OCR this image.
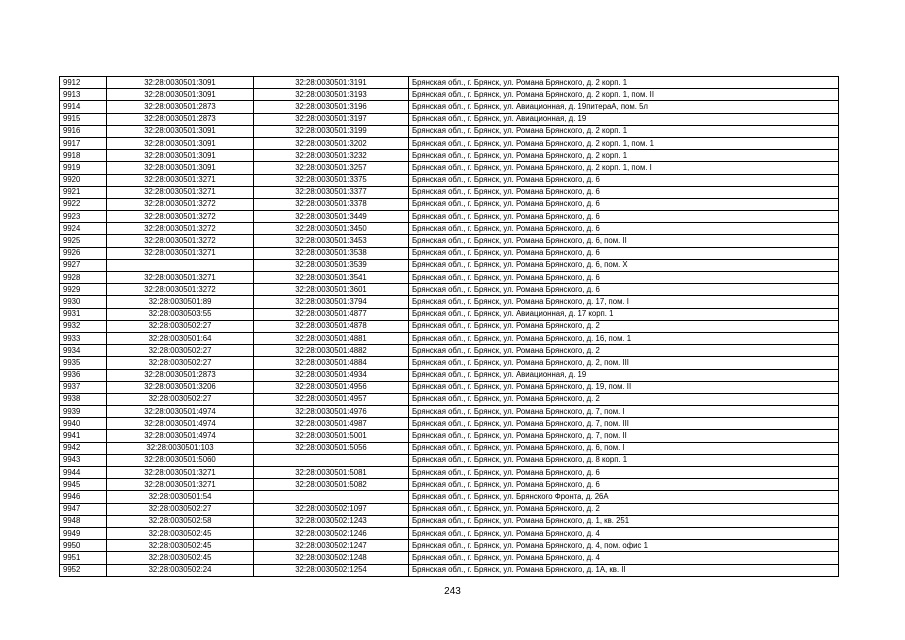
9912	32:28:0030501:3091	32:28:0030501:3191	Брянская обл., г. Брянск, ул. Романа Брянского, д. 2 корп. 1
9913	32:28:0030501:3091	32:28:0030501:3193	Брянская обл., г. Брянск, ул. Романа Брянского, д. 2 корп. 1, пом. II
9914	32:28:0030501:2873	32:28:0030501:3196	Брянская обл., г. Брянск, ул. Авиационная, д. 19питерaА, пом. 5л
9915	32:28:0030501:2873	32:28:0030501:3197	Брянская обл., г. Брянск, ул. Авиационная, д. 19
9916	32:28:0030501:3091	32:28:0030501:3199	Брянская обл., г. Брянск, ул. Романа Брянского, д. 2 корп. 1
9917	32:28:0030501:3091	32:28:0030501:3202	Брянская обл., г. Брянск, ул. Романа Брянского, д. 2 корп. 1, пом. 1
9918	32:28:0030501:3091	32:28:0030501:3232	Брянская обл., г. Брянск, ул. Романа Брянского, д. 2 корп. 1
9919	32:28:0030501:3091	32:28:0030501:3257	Брянская обл., г. Брянск, ул. Романа Брянского, д. 2 корп. 1, пом. I
9920	32:28:0030501:3271	32:28:0030501:3375	Брянская обл., г. Брянск, ул. Романа Брянского, д. 6
9921	32:28:0030501:3271	32:28:0030501:3377	Брянская обл., г. Брянск, ул. Романа Брянского, д. 6
9922	32:28:0030501:3272	32:28:0030501:3378	Брянская обл., г. Брянск, ул. Романа Брянского, д. 6
9923	32:28:0030501:3272	32:28:0030501:3449	Брянская обл., г. Брянск, ул. Романа Брянского, д. 6
9924	32:28:0030501:3272	32:28:0030501:3450	Брянская обл., г. Брянск, ул. Романа Брянского, д. 6
9925	32:28:0030501:3272	32:28:0030501:3453	Брянская обл., г. Брянск, ул. Романа Брянского, д. 6, пом. II
9926	32:28:0030501:3271	32:28:0030501:3538	Брянская обл., г. Брянск, ул. Романа Брянского, д. 6
9927		32:28:0030501:3539	Брянская обл., г. Брянск, ул. Романа Брянского, д. 6, пом. X
9928	32:28:0030501:3271	32:28:0030501:3541	Брянская обл., г. Брянск, ул. Романа Брянского, д. 6
9929	32:28:0030501:3272	32:28:0030501:3601	Брянская обл., г. Брянск, ул. Романа Брянского, д. 6
9930	32:28:0030501:89	32:28:0030501:3794	Брянская обл., г. Брянск, ул. Романа Брянского, д. 17, пом. I
9931	32:28:0030503:55	32:28:0030501:4877	Брянская обл., г. Брянск, ул. Авиационная, д. 17 корп. 1
9932	32:28:0030502:27	32:28:0030501:4878	Брянская обл., г. Брянск, ул. Романа Брянского, д. 2
9933	32:28:0030501:64	32:28:0030501:4881	Брянская обл., г. Брянск, ул. Романа Брянского, д. 16, пом. 1
9934	32:28:0030502:27	32:28:0030501:4882	Брянская обл., г. Брянск, ул. Романа Брянского, д. 2
9935	32:28:0030502:27	32:28:0030501:4884	Брянская обл., г. Брянск, ул. Романа Брянского, д. 2, пом. III
9936	32:28:0030501:2873	32:28:0030501:4934	Брянская обл., г. Брянск, ул. Авиационная, д. 19
9937	32:28:0030501:3206	32:28:0030501:4956	Брянская обл., г. Брянск, ул. Романа Брянского, д. 19, пом. II
9938	32:28:0030502:27	32:28:0030501:4957	Брянская обл., г. Брянск, ул. Романа Брянского, д. 2
9939	32:28:0030501:4974	32:28:0030501:4976	Брянская обл., г. Брянск, ул. Романа Брянского, д. 7, пом. I
9940	32:28:0030501:4974	32:28:0030501:4987	Брянская обл., г. Брянск, ул. Романа Брянского, д. 7, пом. III
9941	32:28:0030501:4974	32:28:0030501:5001	Брянская обл., г. Брянск, ул. Романа Брянского, д. 7, пом. II
9942	32:28:0030501:103	32:28:0030501:5056	Брянская обл., г. Брянск, ул. Романа Брянского, д. 6, пом. I
9943	32:28:0030501:5060		Брянская обл., г. Брянск, ул. Романа Брянского, д. 8 корп. 1
9944	32:28:0030501:3271	32:28:0030501:5081	Брянская обл., г. Брянск, ул. Романа Брянского, д. 6
9945	32:28:0030501:3271	32:28:0030501:5082	Брянская обл., г. Брянск, ул. Романа Брянского, д. 6
9946	32:28:0030501:54		Брянская обл., г. Брянск, ул. Брянского Фронта, д. 26А
9947	32:28:0030502:27	32:28:0030502:1097	Брянская обл., г. Брянск, ул. Романа Брянского, д. 2
9948	32:28:0030502:58	32:28:0030502:1243	Брянская обл., г. Брянск, ул. Романа Брянского, д. 1, кв. 251
9949	32:28:0030502:45	32:28:0030502:1246	Брянская обл., г. Брянск, ул. Романа Брянского, д. 4
9950	32:28:0030502:45	32:28:0030502:1247	Брянская обл., г. Брянск, ул. Романа Брянского, д. 4, пом. офис 1
9951	32:28:0030502:45	32:28:0030502:1248	Брянская обл., г. Брянск, ул. Романа Брянского, д. 4
9952	32:28:0030502:24	32:28:0030502:1254	Брянская обл., г. Брянск, ул. Романа Брянского, д. 1А, кв. II
243
